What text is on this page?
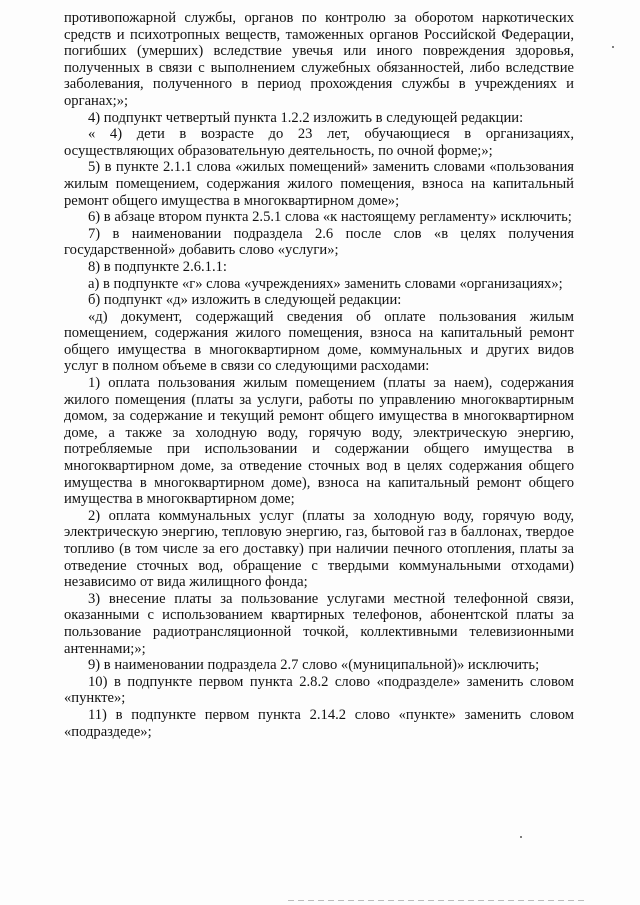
противопожарной службы, органов по контролю за оборотом наркотических средств и психотропных веществ, таможенных органов Российской Федерации, погибших (умерших) вследствие увечья или иного повреждения здоровья, полученных в связи с выполнением служебных обязанностей, либо вследствие заболевания, полученного в период прохождения службы в учреждениях и органах;»;

4) подпункт четвертый пункта 1.2.2 изложить в следующей редакции:

« 4) дети в возрасте до 23 лет, обучающиеся в организациях, осуществляющих образовательную деятельность, по очной форме;»;

5) в пункте 2.1.1 слова «жилых помещений» заменить словами «пользования жилым помещением, содержания жилого помещения, взноса на капитальный ремонт общего имущества в многоквартирном доме»;

6) в абзаце втором пункта 2.5.1 слова «к настоящему регламенту» исключить;

7) в наименовании подраздела 2.6 после слов «в целях получения государственной» добавить слово «услуги»;

8) в подпункте 2.6.1.1:

а) в подпункте «г» слова «учреждениях» заменить словами «организациях»;

б) подпункт «д» изложить в следующей редакции:

«д) документ, содержащий сведения об оплате пользования жилым помещением, содержания жилого помещения, взноса на капитальный ремонт общего имущества в многоквартирном доме, коммунальных и других видов услуг в полном объеме в связи со следующими расходами:

1) оплата пользования жилым помещением (платы за наем), содержания жилого помещения (платы за услуги, работы по управлению многоквартирным домом, за содержание и текущий ремонт общего имущества в многоквартирном доме, а также за холодную воду, горячую воду, электрическую энергию, потребляемые при использовании и содержании общего имущества в многоквартирном доме, за отведение сточных вод в целях содержания общего имущества в многоквартирном доме), взноса на капитальный ремонт общего имущества в многоквартирном доме;

2) оплата коммунальных услуг (платы за холодную воду, горячую воду, электрическую энергию, тепловую энергию, газ, бытовой газ в баллонах, твердое топливо (в том числе за его доставку) при наличии печного отопления, платы за отведение сточных вод, обращение с твердыми коммунальными отходами) независимо от вида жилищного фонда;

3) внесение платы за пользование услугами местной телефонной связи, оказанными с использованием квартирных телефонов, абонентской платы за пользование радиотрансляционной точкой, коллективными телевизионными антеннами;»;

9) в наименовании подраздела 2.7 слово «(муниципальной)» исключить;

10) в подпункте первом пункта 2.8.2 слово «подразделе» заменить словом «пункте»;

11) в подпункте первом пункта 2.14.2 слово «пункте» заменить словом «подраздеде»;
